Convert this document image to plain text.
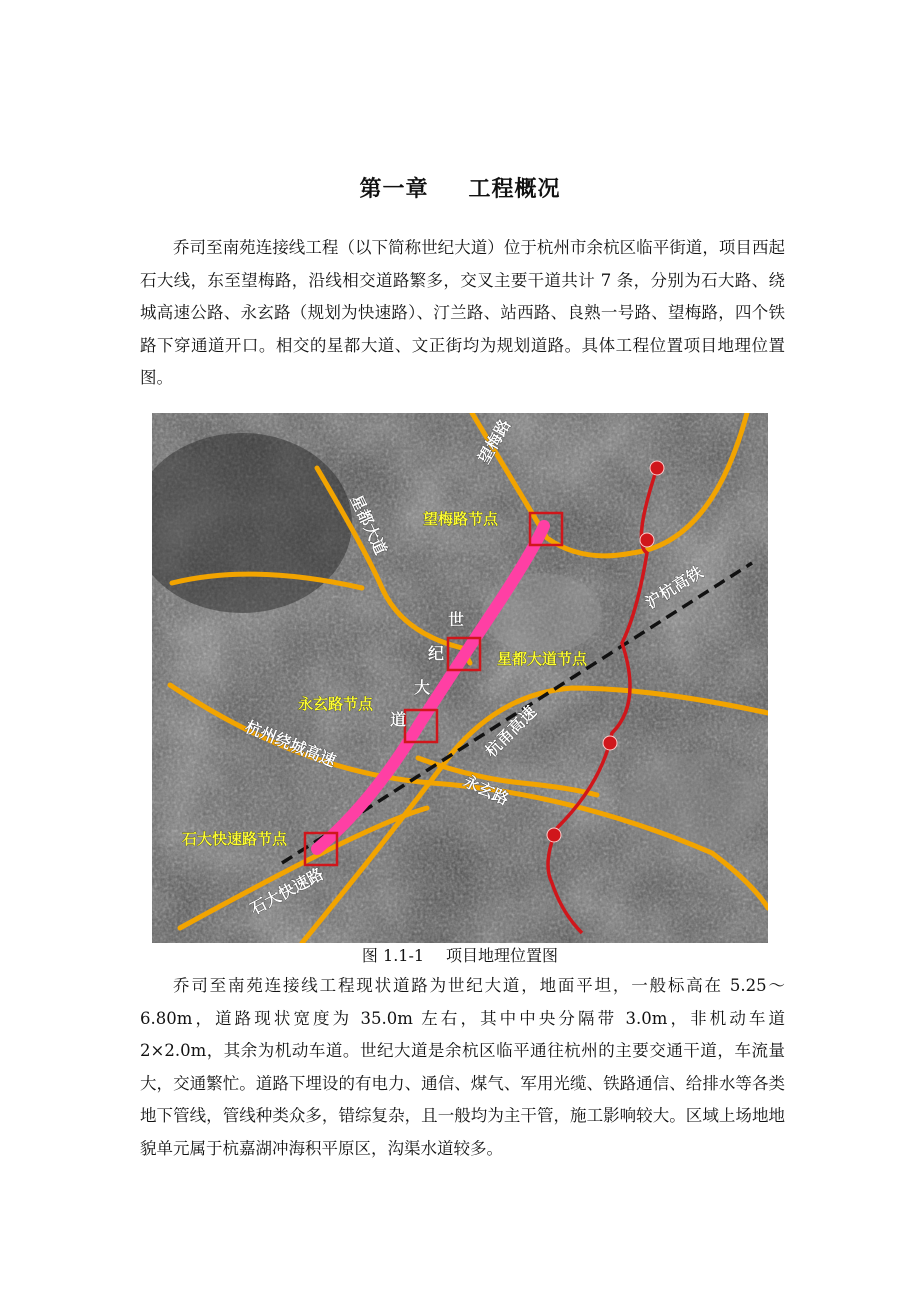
第一章 工程概况

乔司至南苑连接线工程（以下简称世纪大道）位于杭州市余杭区临平街道，项目西起石大线，东至望梅路，沿线相交道路繁多，交叉主要干道共计 7 条，分别为石大路、绕城高速公路、永玄路（规划为快速路）、汀兰路、站西路、良熟一号路、望梅路，四个铁路下穿通道开口。相交的星都大道、文正街均为规划道路。具体工程位置项目地理位置图。

望梅路
星都大道
杭州绕城高速	杭甬高速
永玄路
石大快速路
沪杭高铁
世
纪
大
道
望梅路节点
星都大道节点
永玄路节点
石大快速路节点
图 1.1-1 项目地理位置图

乔司至南苑连接线工程现状道路为世纪大道，地面平坦，一般标高在 5.25～6.80m，道路现状宽度为 35.0m 左右，其中中央分隔带 3.0m，非机动车道 2×2.0m，其余为机动车道。世纪大道是余杭区临平通往杭州的主要交通干道，车流量大，交通繁忙。道路下埋设的有电力、通信、煤气、军用光缆、铁路通信、给排水等各类地下管线，管线种类众多，错综复杂，且一般均为主干管，施工影响较大。区域上场地地貌单元属于杭嘉湖冲海积平原区，沟渠水道较多。
